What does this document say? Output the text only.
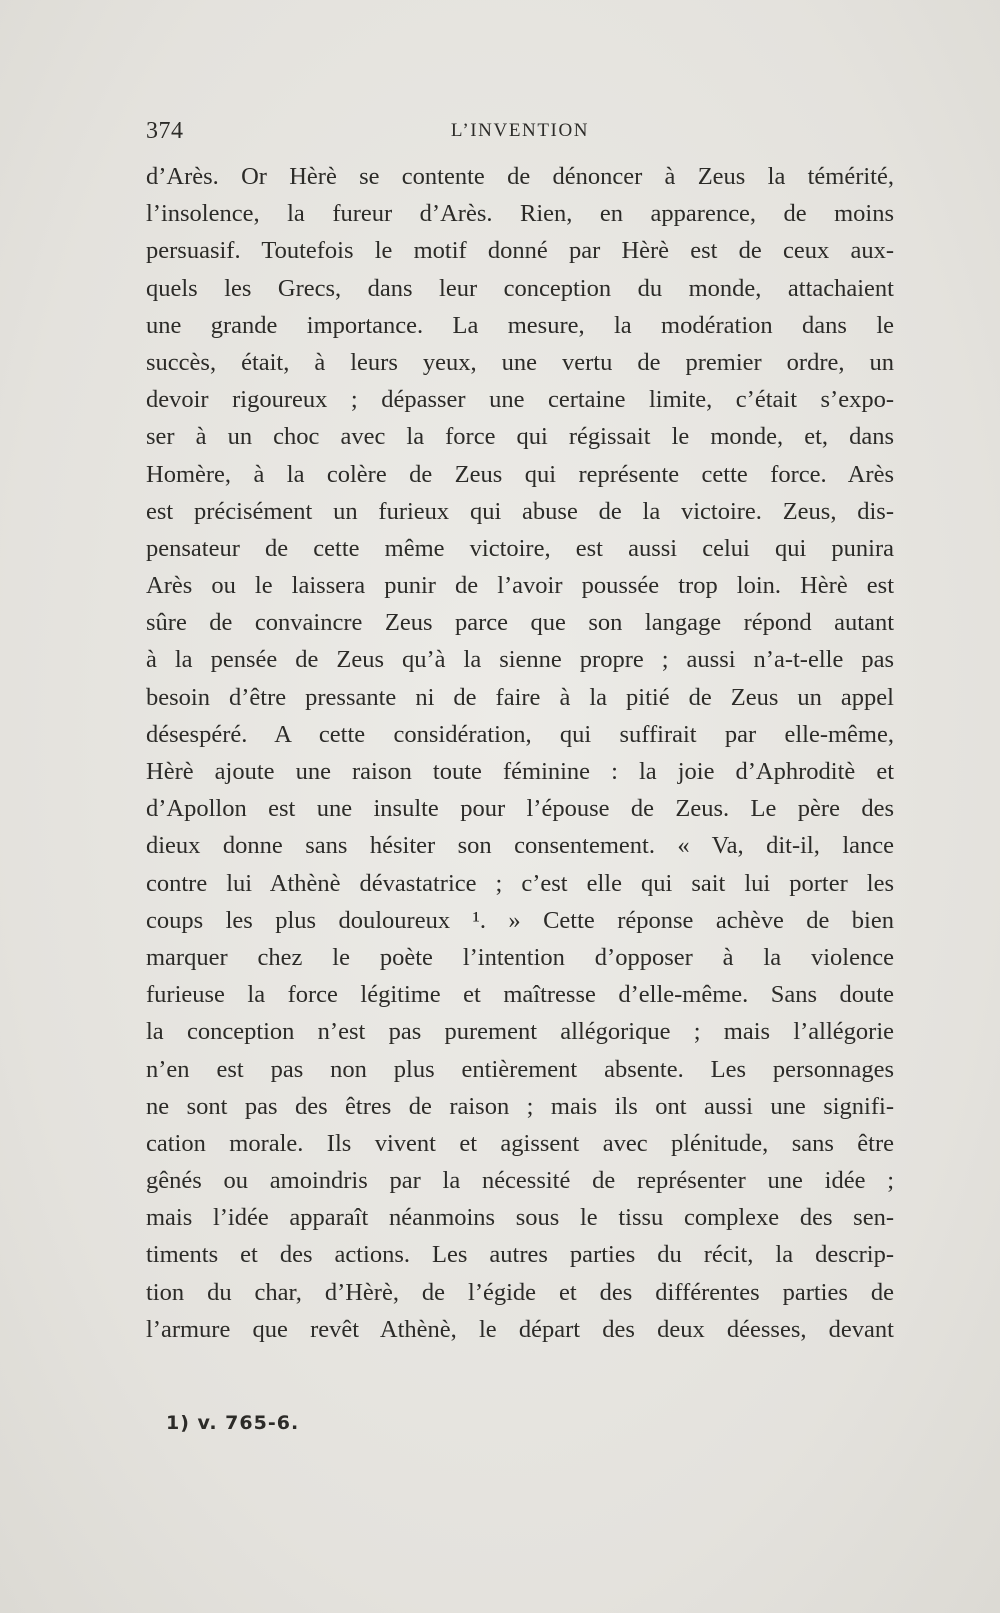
374	L’INVENTION
d’Arès. Or Hèrè se contente de dénoncer à Zeus la témérité,
l’insolence, la fureur d’Arès. Rien, en apparence, de moins
persuasif. Toutefois le motif donné par Hèrè est de ceux aux-
quels les Grecs, dans leur conception du monde, attachaient
une grande importance. La mesure, la modération dans le
succès, était, à leurs yeux, une vertu de premier ordre, un
devoir rigoureux ; dépasser une certaine limite, c’était s’expo-
ser à un choc avec la force qui régissait le monde, et, dans
Homère, à la colère de Zeus qui représente cette force. Arès
est précisément un furieux qui abuse de la victoire. Zeus, dis-
pensateur de cette même victoire, est aussi celui qui punira
Arès ou le laissera punir de l’avoir poussée trop loin. Hèrè est
sûre de convaincre Zeus parce que son langage répond autant
à la pensée de Zeus qu’à la sienne propre ; aussi n’a-t-elle pas
besoin d’être pressante ni de faire à la pitié de Zeus un appel
désespéré. A cette considération, qui suffirait par elle-même,
Hèrè ajoute une raison toute féminine : la joie d’Aphroditè et
d’Apollon est une insulte pour l’épouse de Zeus. Le père des
dieux donne sans hésiter son consentement. « Va, dit-il, lance
contre lui Athènè dévastatrice ; c’est elle qui sait lui porter les
coups les plus douloureux ¹. » Cette réponse achève de bien
marquer chez le poète l’intention d’opposer à la violence
furieuse la force légitime et maîtresse d’elle-même. Sans doute
la conception n’est pas purement allégorique ; mais l’allégorie
n’en est pas non plus entièrement absente. Les personnages
ne sont pas des êtres de raison ; mais ils ont aussi une signifi-
cation morale. Ils vivent et agissent avec plénitude, sans être
gênés ou amoindris par la nécessité de représenter une idée ;
mais l’idée apparaît néanmoins sous le tissu complexe des sen-
timents et des actions. Les autres parties du récit, la descrip-
tion du char, d’Hèrè, de l’égide et des différentes parties de
l’armure que revêt Athènè, le départ des deux déesses, devant
1) v. 765-6.
